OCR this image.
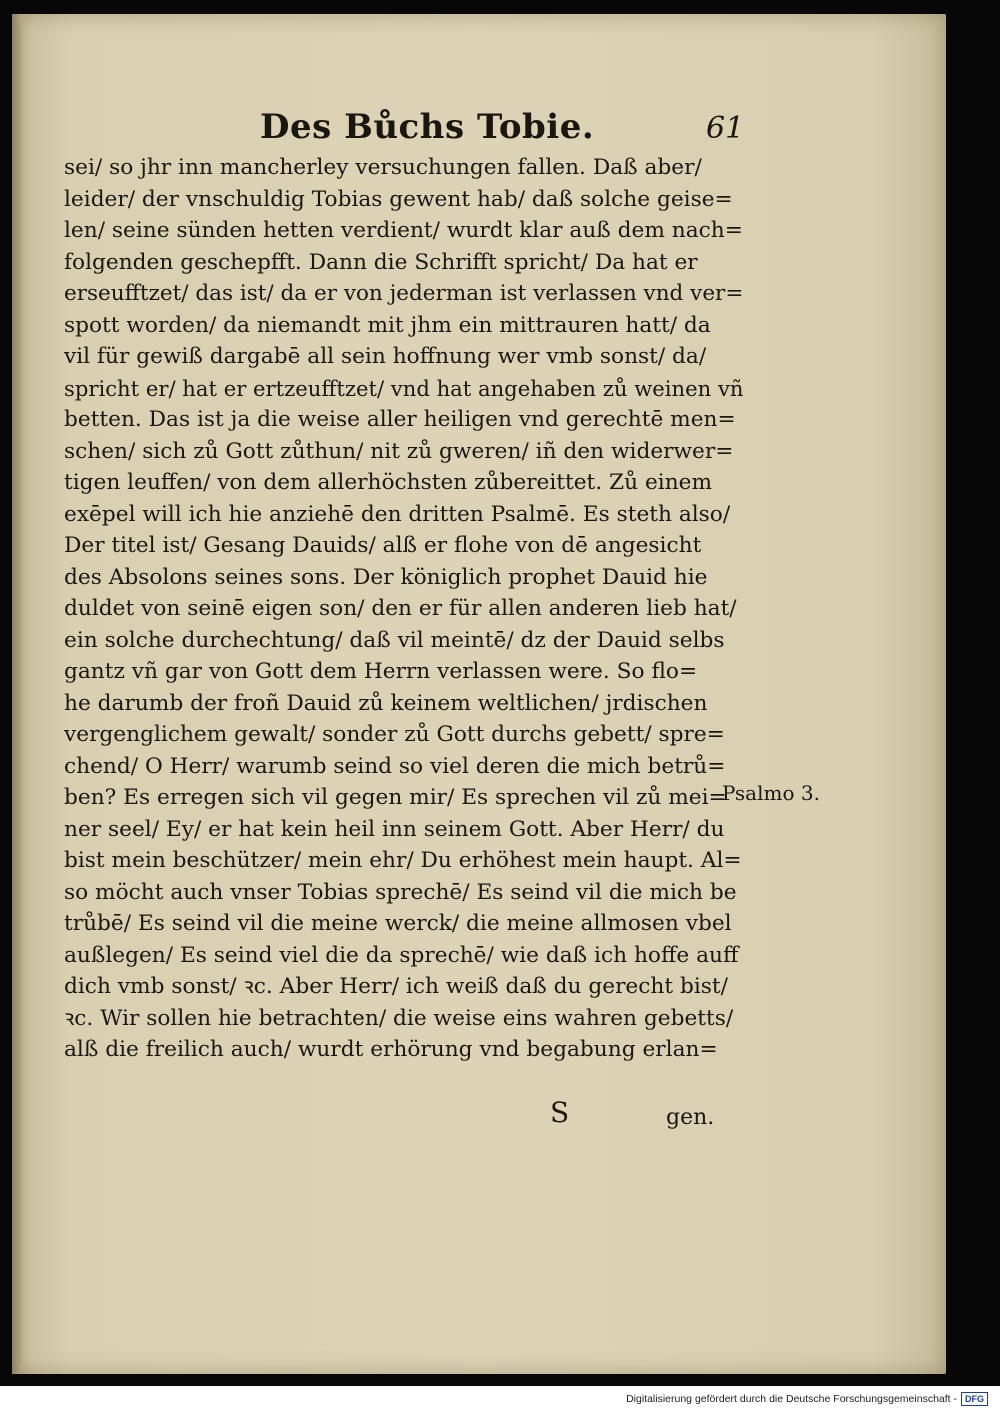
Des Bůchs Tobie.	61
sei/ so jhr inn mancherley versuchungen fallen. Daß aber/
leider/ der vnschuldig Tobias gewent hab/ daß solche geise=
len/ seine sünden hetten verdient/ wurdt klar auß dem nach=
folgenden geschepfft. Dann die Schrifft spricht/ Da hat er
erseufftzet/ das ist/ da er von jederman ist verlassen vnd ver=
spott worden/ da niemandt mit jhm ein mittrauren hatt/ da
vil für gewiß dargabē all sein hoffnung wer vmb sonst/ da/
spricht er/ hat er ertzeufftzet/ vnd hat angehaben zů weinen vñ
betten. Das ist ja die weise aller heiligen vnd gerechtē men=
schen/ sich zů Gott zůthun/ nit zů gweren/ iñ den widerwer=
tigen leuffen/ von dem allerhöchsten zůbereittet. Zů einem
exēpel will ich hie anziehē den dritten Psalmē. Es steth also/
Der titel ist/ Gesang Dauids/ alß er flohe von dē angesicht
des Absolons seines sons. Der königlich prophet Dauid hie
duldet von seinē eigen son/ den er für allen anderen lieb hat/
ein solche durchechtung/ daß vil meintē/ dz der Dauid selbs
gantz vñ gar von Gott dem Herrn verlassen were. So flo=
he darumb der froñ Dauid zů keinem weltlichen/ jrdischen
vergenglichem gewalt/ sonder zů Gott durchs gebett/ spre=
chend/ O Herr/ warumb seind so viel deren die mich betrů=
ben? Es erregen sich vil gegen mir/ Es sprechen vil zů mei=
ner seel/ Ey/ er hat kein heil inn seinem Gott. Aber Herr/ du
bist mein beschützer/ mein ehr/ Du erhöhest mein haupt. Al=
so möcht auch vnser Tobias sprechē/ Es seind vil die mich be
trůbē/ Es seind vil die meine werck/ die meine allmosen vbel
außlegen/ Es seind viel die da sprechē/ wie daß ich hoffe auff
dich vmb sonst/ ꝛc. Aber Herr/ ich weiß daß du gerecht bist/
ꝛc. Wir sollen hie betrachten/ die weise eins wahren gebetts/
alß die freilich auch/ wurdt erhörung vnd begabung erlan=
Psalmo 3.
S	gen.
Digitalisierung gefördert durch die Deutsche Forschungsgemeinschaft - DFG
